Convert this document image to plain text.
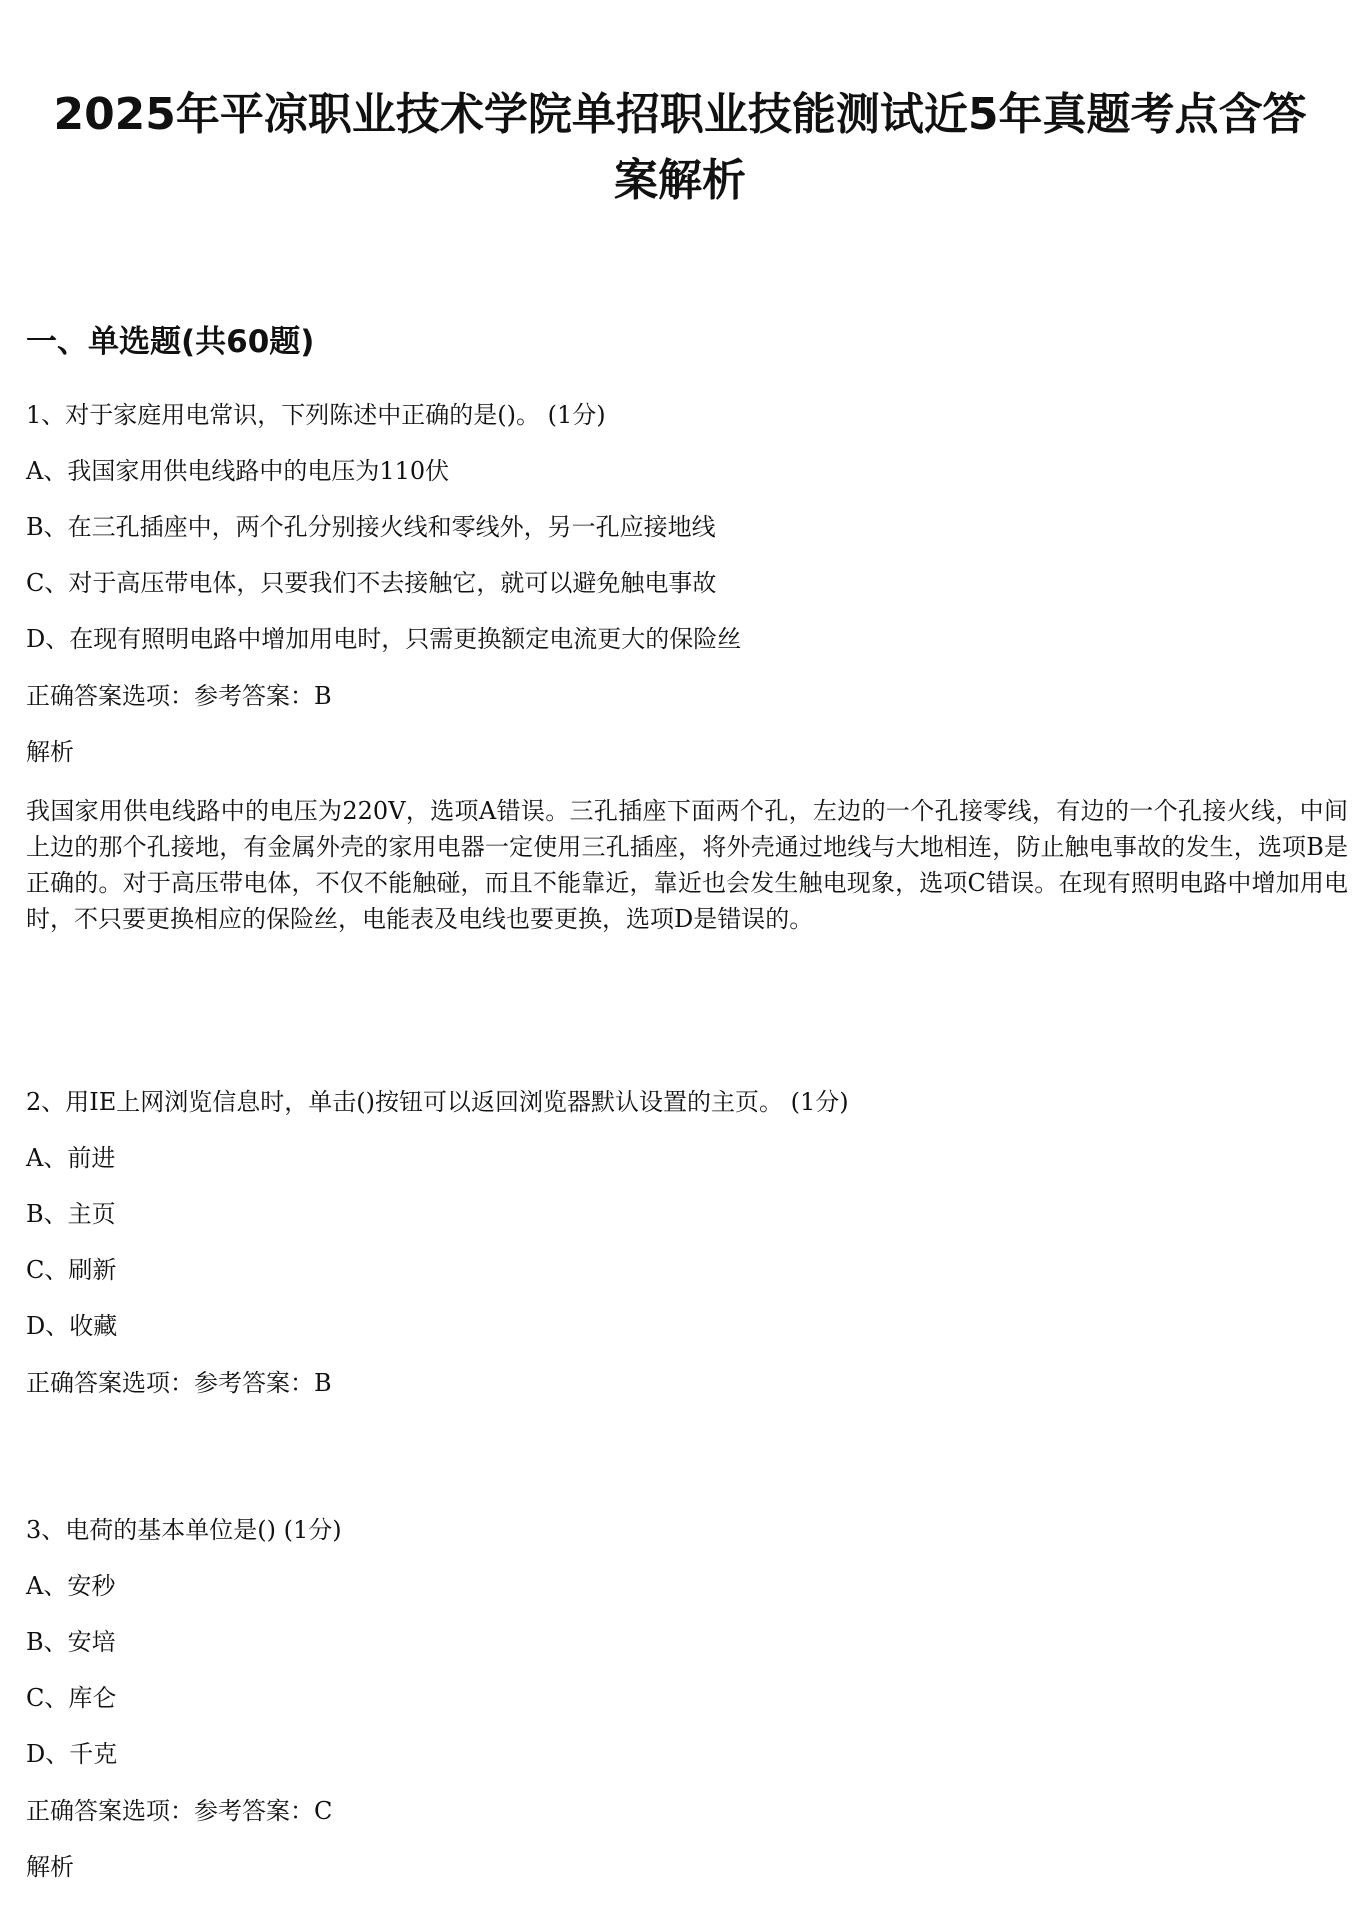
2025年平凉职业技术学院单招职业技能测试近5年真题考点含答案解析
一、单选题(共60题)

1、对于家庭用电常识，下列陈述中正确的是()。 (1分)

A、我国家用供电线路中的电压为110伏

B、在三孔插座中，两个孔分别接火线和零线外，另一孔应接地线

C、对于高压带电体，只要我们不去接触它，就可以避免触电事故

D、在现有照明电路中增加用电时，只需更换额定电流更大的保险丝

正确答案选项：参考答案：B

解析

我国家用供电线路中的电压为220V，选项A错误。三孔插座下面两个孔，左边的一个孔接零线，有边的一个孔接火线，中间上边的那个孔接地，有金属外壳的家用电器一定使用三孔插座，将外壳通过地线与大地相连，防止触电事故的发生，选项B是正确的。对于高压带电体，不仅不能触碰，而且不能靠近，靠近也会发生触电现象，选项C错误。在现有照明电路中增加用电时，不只要更换相应的保险丝，电能表及电线也要更换，选项D是错误的。

2、用IE上网浏览信息时，单击()按钮可以返回浏览器默认设置的主页。 (1分)

A、前进

B、主页

C、刷新

D、收藏

正确答案选项：参考答案：B

3、电荷的基本单位是() (1分)

A、安秒

B、安培

C、库仑

D、千克

正确答案选项：参考答案：C

解析
